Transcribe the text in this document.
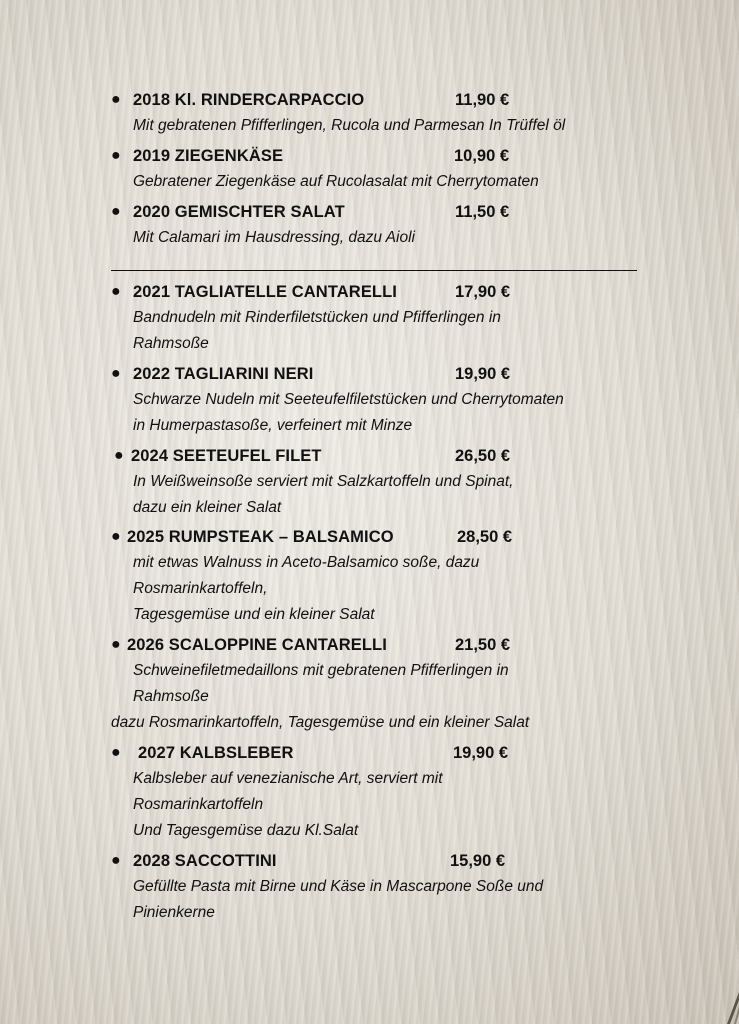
● 2018 Kl. RINDERCARPACCIO	11,90 €
Mit gebratenen Pfifferlingen, Rucola und Parmesan In Trüffel öl
● 2019 ZIEGENKÄSE	10,90 €
Gebratener Ziegenkäse auf Rucolasalat mit Cherrytomaten
● 2020 GEMISCHTER SALAT	11,50 €
Mit Calamari im Hausdressing, dazu Aioli
● 2021 TAGLIATELLE CANTARELLI	17,90 €
Bandnudeln mit Rinderfiletstücken und Pfifferlingen in
Rahmsoße
● 2022 TAGLIARINI NERI	19,90 €
Schwarze Nudeln mit Seeteufelfiletstücken und Cherrytomaten
in Humerpastasoße, verfeinert mit Minze
● 2024 SEETEUFEL FILET	26,50 €
In Weißweinsoße serviert mit Salzkartoffeln und Spinat,
dazu ein kleiner Salat
● 2025 RUMPSTEAK – BALSAMICO	28,50 €
mit etwas Walnuss in Aceto-Balsamico soße, dazu
Rosmarinkartoffeln,
Tagesgemüse und ein kleiner Salat
● 2026 SCALOPPINE CANTARELLI	21,50 €
Schweinefiletmedaillons mit gebratenen Pfifferlingen in
Rahmsoße
dazu Rosmarinkartoffeln, Tagesgemüse und ein kleiner Salat
● 2027 KALBSLEBER	19,90 €
Kalbsleber auf venezianische Art, serviert mit
Rosmarinkartoffeln
Und Tagesgemüse dazu Kl.Salat
● 2028 SACCOTTINI	15,90 €
Gefüllte Pasta mit Birne und Käse in Mascarpone Soße und
Pinienkerne
